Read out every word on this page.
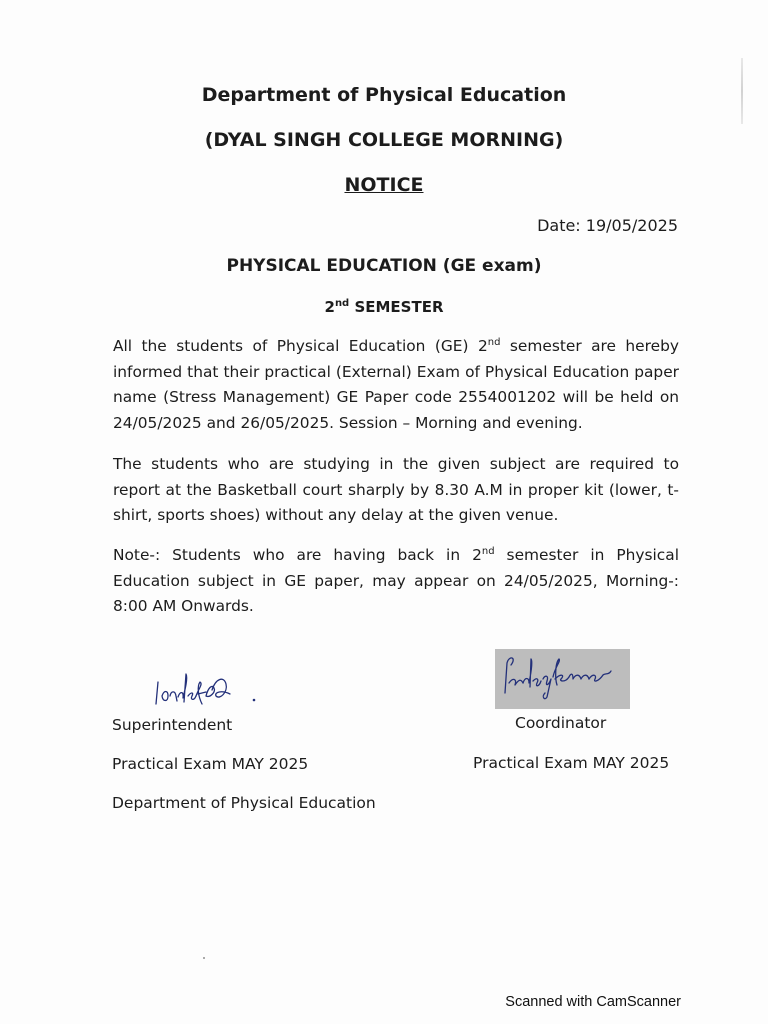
Department of Physical Education
(DYAL SINGH COLLEGE MORNING)
NOTICE
Date: 19/05/2025
PHYSICAL EDUCATION (GE exam)
2nd SEMESTER
All the students of Physical Education (GE) 2nd semester are hereby informed that their practical (External) Exam of Physical Education paper name (Stress Management) GE Paper code 2554001202 will be held on 24/05/2025 and 26/05/2025. Session – Morning and evening.
The students who are studying in the given subject are required to report at the Basketball court sharply by 8.30 A.M in proper kit (lower, t-shirt, sports shoes) without any delay at the given venue.
Note-: Students who are having back in 2nd semester in Physical Education subject in GE paper, may appear on 24/05/2025, Morning-: 8:00 AM Onwards.
Superintendent
Practical Exam MAY 2025
Department of Physical Education
Coordinator
Practical Exam MAY 2025
Scanned with CamScanner
